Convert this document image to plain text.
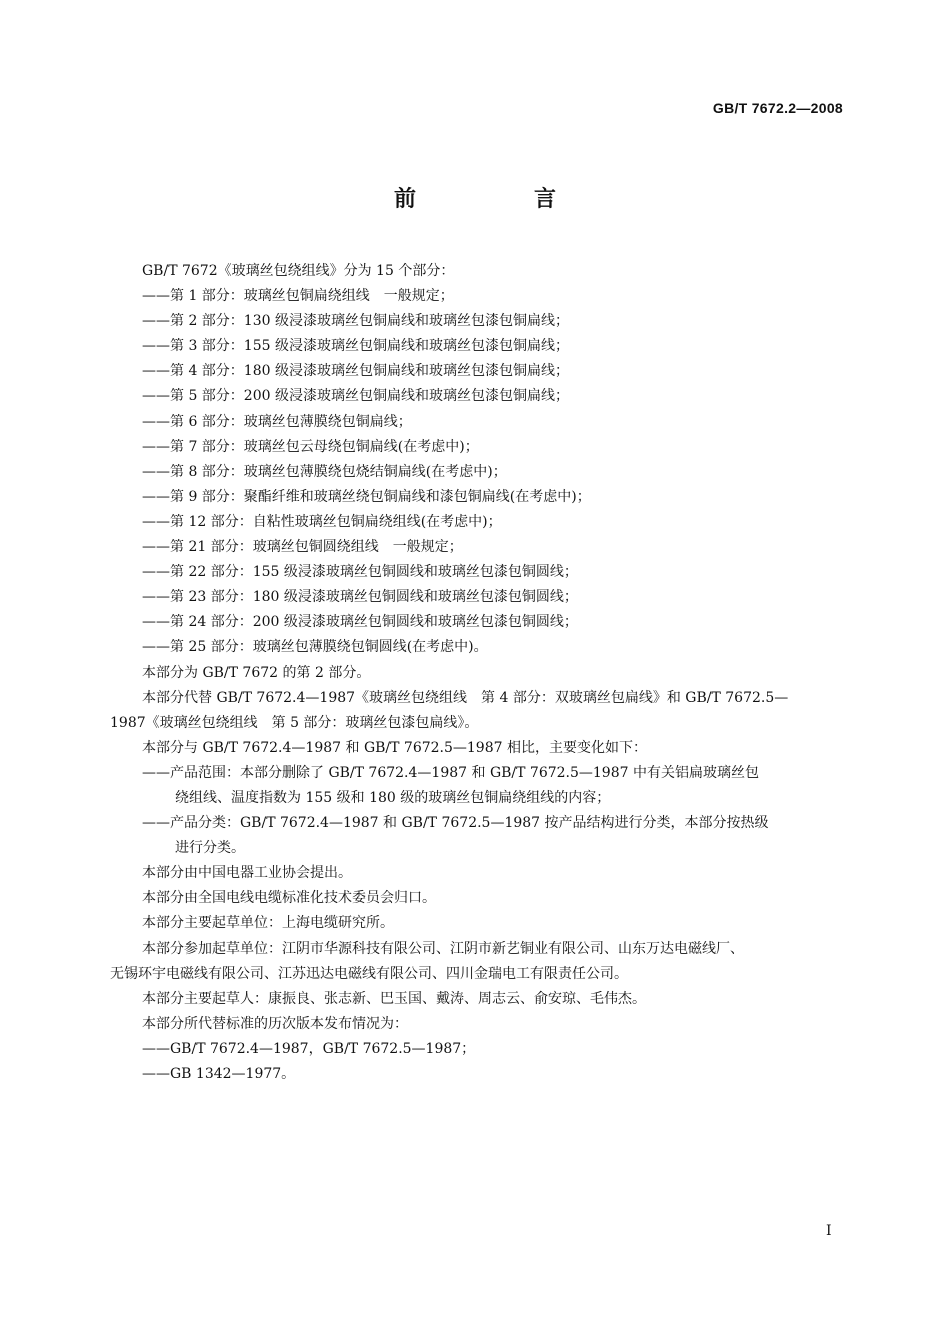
GB/T 7672.2—2008
前　言
GB/T 7672《玻璃丝包绕组线》分为 15 个部分：
——第 1 部分：玻璃丝包铜扁绕组线　一般规定；
——第 2 部分：130 级浸漆玻璃丝包铜扁线和玻璃丝包漆包铜扁线；
——第 3 部分：155 级浸漆玻璃丝包铜扁线和玻璃丝包漆包铜扁线；
——第 4 部分：180 级浸漆玻璃丝包铜扁线和玻璃丝包漆包铜扁线；
——第 5 部分：200 级浸漆玻璃丝包铜扁线和玻璃丝包漆包铜扁线；
——第 6 部分：玻璃丝包薄膜绕包铜扁线；
——第 7 部分：玻璃丝包云母绕包铜扁线(在考虑中)；
——第 8 部分：玻璃丝包薄膜绕包烧结铜扁线(在考虑中)；
——第 9 部分：聚酯纤维和玻璃丝绕包铜扁线和漆包铜扁线(在考虑中)；
——第 12 部分：自粘性玻璃丝包铜扁绕组线(在考虑中)；
——第 21 部分：玻璃丝包铜圆绕组线　一般规定；
——第 22 部分：155 级浸漆玻璃丝包铜圆线和玻璃丝包漆包铜圆线；
——第 23 部分：180 级浸漆玻璃丝包铜圆线和玻璃丝包漆包铜圆线；
——第 24 部分：200 级浸漆玻璃丝包铜圆线和玻璃丝包漆包铜圆线；
——第 25 部分：玻璃丝包薄膜绕包铜圆线(在考虑中)。
本部分为 GB/T 7672 的第 2 部分。
本部分代替 GB/T 7672.4—1987《玻璃丝包绕组线　第 4 部分：双玻璃丝包扁线》和 GB/T 7672.5—
1987《玻璃丝包绕组线　第 5 部分：玻璃丝包漆包扁线》。
本部分与 GB/T 7672.4—1987 和 GB/T 7672.5—1987 相比，主要变化如下：
——产品范围：本部分删除了 GB/T 7672.4—1987 和 GB/T 7672.5—1987 中有关铝扁玻璃丝包
绕组线、温度指数为 155 级和 180 级的玻璃丝包铜扁绕组线的内容；
——产品分类：GB/T 7672.4—1987 和 GB/T 7672.5—1987 按产品结构进行分类，本部分按热级
进行分类。
本部分由中国电器工业协会提出。
本部分由全国电线电缆标准化技术委员会归口。
本部分主要起草单位：上海电缆研究所。
本部分参加起草单位：江阴市华源科技有限公司、江阴市新艺铜业有限公司、山东万达电磁线厂、
无锡环宇电磁线有限公司、江苏迅达电磁线有限公司、四川金瑞电工有限责任公司。
本部分主要起草人：康振良、张志新、巴玉国、戴涛、周志云、俞安琼、毛伟杰。
本部分所代替标准的历次版本发布情况为：
——GB/T 7672.4—1987，GB/T 7672.5—1987；
——GB 1342—1977。
I
